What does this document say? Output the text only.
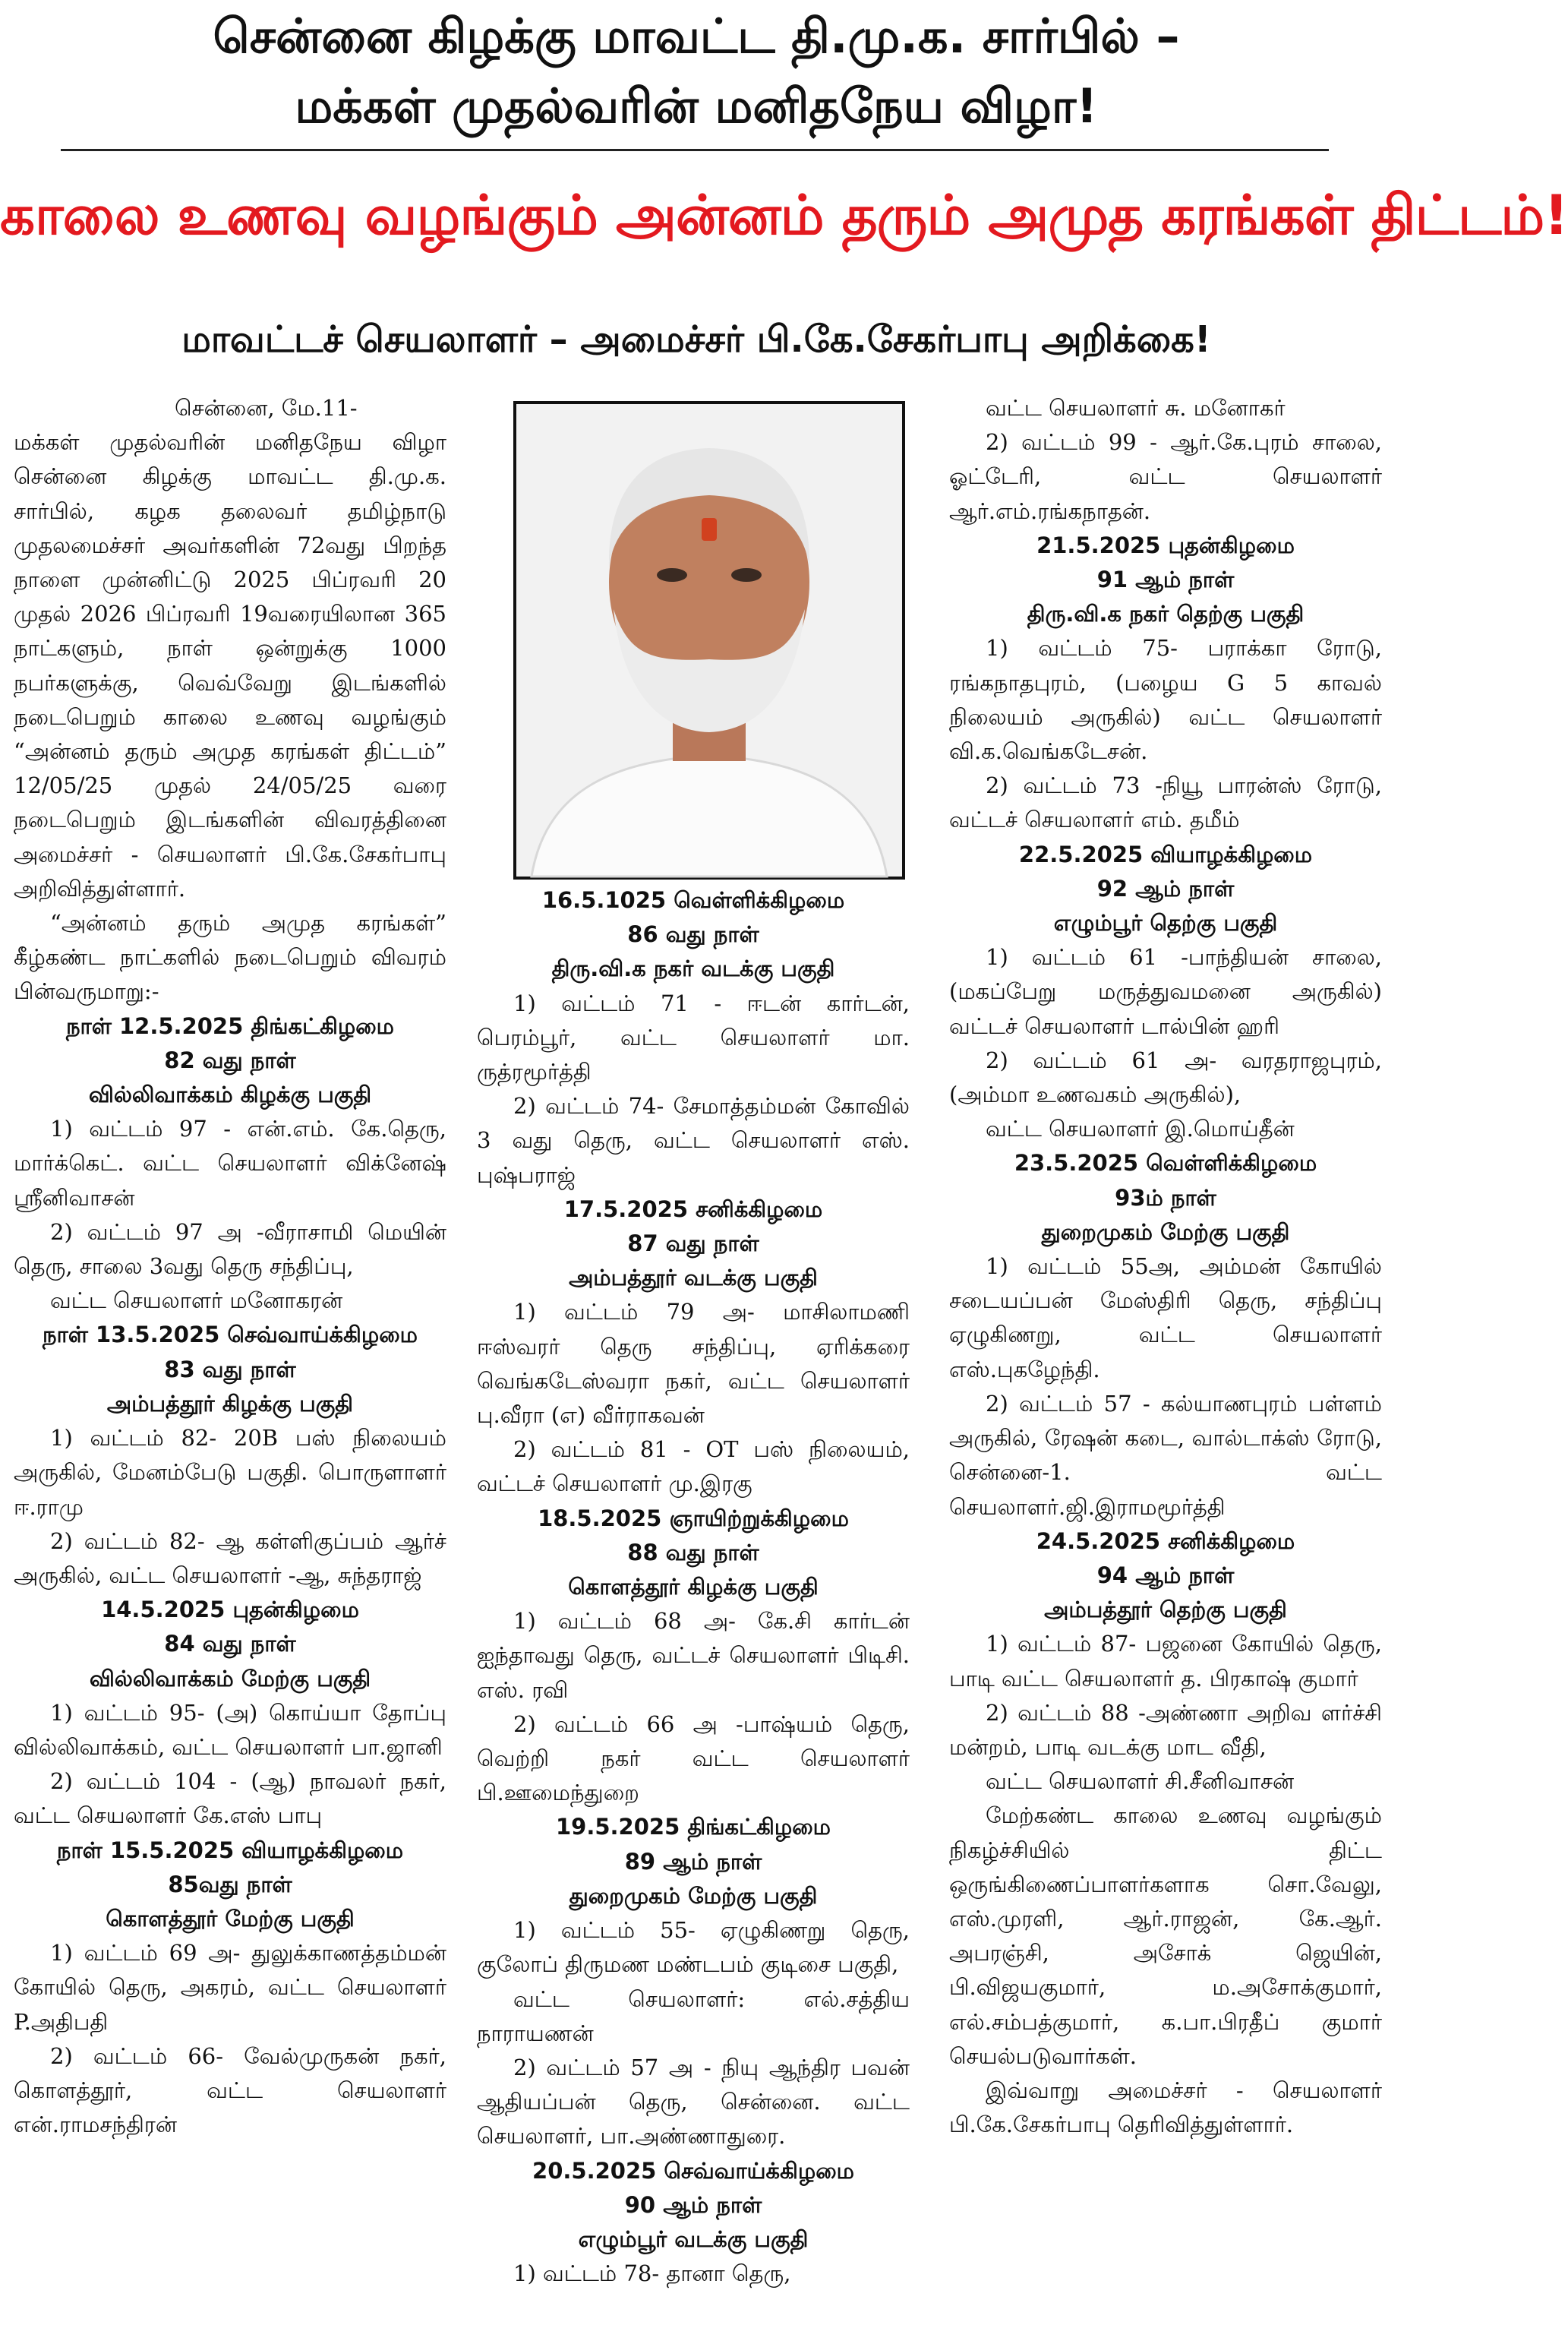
சென்னை கிழக்கு மாவட்ட தி.மு.க. சார்பில் –
மக்கள் முதல்வரின் மனிதநேய விழா!
காலை உணவு வழங்கும் அன்னம் தரும் அமுத கரங்கள் திட்டம்!
மாவட்டச் செயலாளர் – அமைச்சர் பி.கே.சேகர்பாபு அறிக்கை!

சென்னை, மே.11-

மக்கள் முதல்வரின் மனிதநேய விழா சென்னை கிழக்கு மாவட்ட தி.மு.க. சார்பில், கழக தலைவர் தமிழ்நாடு முதலமைச்சர் அவர்களின் 72வது பிறந்த நாளை முன்னிட்டு 2025 பிப்ரவரி 20 முதல் 2026 பிப்ரவரி 19வரையிலான 365 நாட்களும், நாள் ஒன்றுக்கு 1000 நபர்களுக்கு, வெவ்வேறு இடங்களில் நடைபெறும் காலை உணவு வழங்கும் “அன்னம் தரும் அமுத கரங்கள் திட்டம்” 12/05/25 முதல் 24/05/25 வரை நடைபெறும் இடங்களின் விவரத்தினை அமைச்சர் - செயலாளர் பி.கே.சேகர்பாபு அறிவித்துள்ளார்.

“அன்னம் தரும் அமுத கரங்கள்” கீழ்கண்ட நாட்களில் நடைபெறும் விவரம் பின்வருமாறு:-

நாள் 12.5.2025 திங்கட்கிழமை

82 வது நாள்

வில்லிவாக்கம் கிழக்கு பகுதி

1) வட்டம் 97 - என்.எம். கே.தெரு, மார்க்கெட். வட்ட செயலாளர் விக்னேஷ் ஸ்ரீனிவாசன்

2) வட்டம் 97 அ -வீராசாமி மெயின் தெரு, சாலை 3வது தெரு சந்திப்பு,

வட்ட செயலாளர் மனோகரன்

நாள் 13.5.2025 செவ்வாய்க்கிழமை

83 வது நாள்

அம்பத்தூர் கிழக்கு பகுதி

1) வட்டம் 82- 20B பஸ் நிலையம் அருகில், மேனம்பேடு பகுதி. பொருளாளர் ஈ.ராமு

2) வட்டம் 82- ஆ கள்ளிகுப்பம் ஆர்ச் அருகில், வட்ட செயலாளர் -ஆ, சுந்தராஜ்

14.5.2025 புதன்கிழமை

84 வது நாள்

வில்லிவாக்கம் மேற்கு பகுதி

1) வட்டம் 95- (அ) கொய்யா தோப்பு வில்லிவாக்கம், வட்ட செயலாளர் பா.ஜானி

2) வட்டம் 104 - (ஆ) நாவலர் நகர், வட்ட செயலாளர் கே.எஸ் பாபு

நாள் 15.5.2025 வியாழக்கிழமை

85வது நாள்

கொளத்தூர் மேற்கு பகுதி

1) வட்டம் 69 அ- துலுக்காணத்தம்மன் கோயில் தெரு, அகரம், வட்ட செயலாளர் P.அதிபதி

2) வட்டம் 66- வேல்முருகன் நகர், கொளத்தூர், வட்ட செயலாளர் என்.ராமசந்திரன்

16.5.1025 வெள்ளிக்கிழமை

86 வது நாள்

திரு.வி.க நகர் வடக்கு பகுதி

1) வட்டம் 71 - ஈடன் கார்டன், பெரம்பூர், வட்ட செயலாளர் மா. ருத்ரமூர்த்தி

2) வட்டம் 74- சேமாத்தம்மன் கோவில் 3 வது தெரு, வட்ட செயலாளர் எஸ். புஷ்பராஜ்

17.5.2025 சனிக்கிழமை

87 வது நாள்

அம்பத்தூர் வடக்கு பகுதி

1) வட்டம் 79 அ- மாசிலாமணி ஈஸ்வரர் தெரு சந்திப்பு, ஏரிக்கரை வெங்கடேஸ்வரா நகர், வட்ட செயலாளர் பு.வீரா (எ) வீர்ராகவன்

2) வட்டம் 81 - OT பஸ் நிலையம், வட்டச் செயலாளர் மு.இரகு

18.5.2025 ஞாயிற்றுக்கிழமை

88 வது நாள்

கொளத்தூர் கிழக்கு பகுதி

1) வட்டம் 68 அ- கே.சி கார்டன் ஐந்தாவது தெரு, வட்டச் செயலாளர் பிடிசி. எஸ். ரவி

2) வட்டம் 66 அ -பாஷ்யம் தெரு, வெற்றி நகர் வட்ட செயலாளர் பி.ஊமைந்துறை

19.5.2025 திங்கட்கிழமை

89 ஆம் நாள்

துறைமுகம் மேற்கு பகுதி

1) வட்டம் 55- ஏழுகிணறு தெரு, குலோப் திருமண மண்டபம் குடிசை பகுதி,

வட்ட செயலாளர்: எல்.சத்திய நாராயணன்

2) வட்டம் 57 அ - நியு ஆந்திர பவன் ஆதியப்பன் தெரு, சென்னை. வட்ட செயலாளர், பா.அண்ணாதுரை.

20.5.2025 செவ்வாய்க்கிழமை

90 ஆம் நாள்

எழும்பூர் வடக்கு பகுதி

1) வட்டம் 78- தானா தெரு,

வட்ட செயலாளர் சு. மனோகர்

2) வட்டம் 99 - ஆர்.கே.புரம் சாலை, ஓட்டேரி, வட்ட செயலாளர் ஆர்.எம்.ரங்கநாதன்.

21.5.2025 புதன்கிழமை

91 ஆம் நாள்

திரு.வி.க நகர் தெற்கு பகுதி

1) வட்டம் 75- பராக்கா ரோடு, ரங்கநாதபுரம், (பழைய G 5 காவல் நிலையம் அருகில்) வட்ட செயலாளர் வி.க.வெங்கடேசன்.

2) வட்டம் 73 -நியூ பாரன்ஸ் ரோடு, வட்டச் செயலாளர் எம். தமீம்

22.5.2025 வியாழக்கிழமை

92 ஆம் நாள்

எழும்பூர் தெற்கு பகுதி

1) வட்டம் 61 -பாந்தியன் சாலை, (மகப்பேறு மருத்துவமனை அருகில்) வட்டச் செயலாளர் டால்பின் ஹரி

2) வட்டம் 61 அ- வரதராஜபுரம், (அம்மா உணவகம் அருகில்),

வட்ட செயலாளர் இ.மொய்தீன்

23.5.2025 வெள்ளிக்கிழமை

93ம் நாள்

துறைமுகம் மேற்கு பகுதி

1) வட்டம் 55அ, அம்மன் கோயில் சடையப்பன் மேஸ்திரி தெரு, சந்திப்பு ஏழுகிணறு, வட்ட செயலாளர் எஸ்.புகழேந்தி.

2) வட்டம் 57 - கல்யாணபுரம் பள்ளம் அருகில், ரேஷன் கடை, வால்டாக்ஸ் ரோடு, சென்னை-1. வட்ட செயலாளர்.ஜி.இராமமூர்த்தி

24.5.2025 சனிக்கிழமை

94 ஆம் நாள்

அம்பத்தூர் தெற்கு பகுதி

1) வட்டம் 87- பஜனை கோயில் தெரு, பாடி வட்ட செயலாளர் த. பிரகாஷ் குமார்

2) வட்டம் 88 -அண்ணா அறிவ ளர்ச்சி மன்றம், பாடி வடக்கு மாட வீதி,

வட்ட செயலாளர் சி.சீனிவாசன்

மேற்கண்ட காலை உணவு வழங்கும் நிகழ்ச்சியில் திட்ட ஒருங்கிணைப்பாளர்களாக சொ.வேலு, எஸ்.முரளி, ஆர்.ராஜன், கே.ஆர். அபரஞ்சி, அசோக் ஜெயின், பி.விஜயகுமார், ம.அசோக்குமார், எல்.சம்பத்குமார், க.பா.பிரதீப் குமார் செயல்படுவார்கள்.

இவ்வாறு அமைச்சர் - செயலாளர் பி.கே.சேகர்பாபு தெரிவித்துள்ளார்.
